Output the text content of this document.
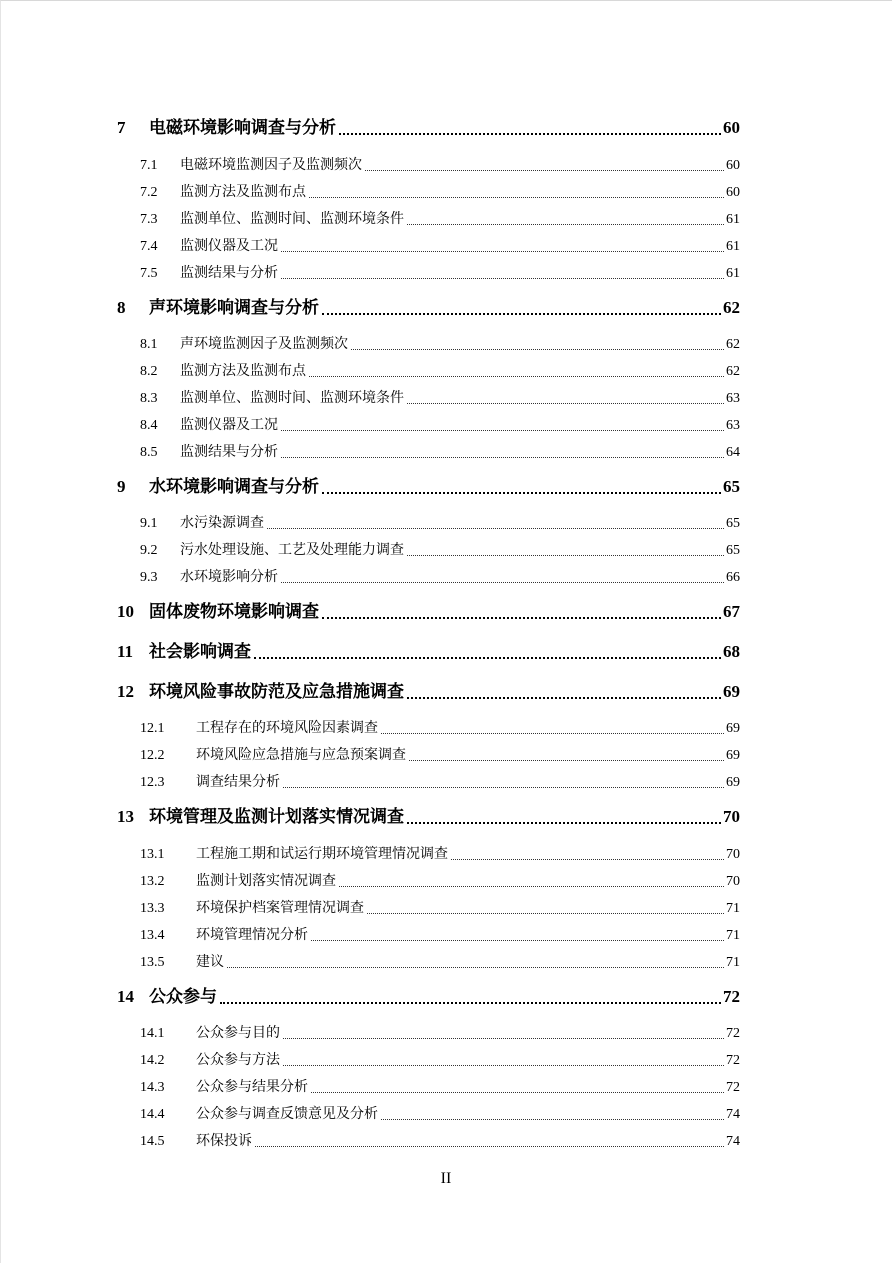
7	电磁环境影响调查与分析	60
7.1	电磁环境监测因子及监测频次	60
7.2	监测方法及监测布点	60
7.3	监测单位、监测时间、监测环境条件	61
7.4	监测仪器及工况	61
7.5	监测结果与分析	61
8	声环境影响调查与分析	62
8.1	声环境监测因子及监测频次	62
8.2	监测方法及监测布点	62
8.3	监测单位、监测时间、监测环境条件	63
8.4	监测仪器及工况	63
8.5	监测结果与分析	64
9	水环境影响调查与分析	65
9.1	水污染源调查	65
9.2	污水处理设施、工艺及处理能力调查	65
9.3	水环境影响分析	66
10 固体废物环境影响调查	67
11 社会影响调查	68
12 环境风险事故防范及应急措施调查	69
12.1	工程存在的环境风险因素调查	69
12.2	环境风险应急措施与应急预案调查	69
12.3	调查结果分析	69
13 环境管理及监测计划落实情况调查	70
13.1	工程施工期和试运行期环境管理情况调查	70
13.2	监测计划落实情况调查	70
13.3	环境保护档案管理情况调查	71
13.4	环境管理情况分析	71
13.5	建议	71
14 公众参与	72
14.1	公众参与目的	72
14.2	公众参与方法	72
14.3	公众参与结果分析	72
14.4	公众参与调查反馈意见及分析	74
14.5	环保投诉	74
II
